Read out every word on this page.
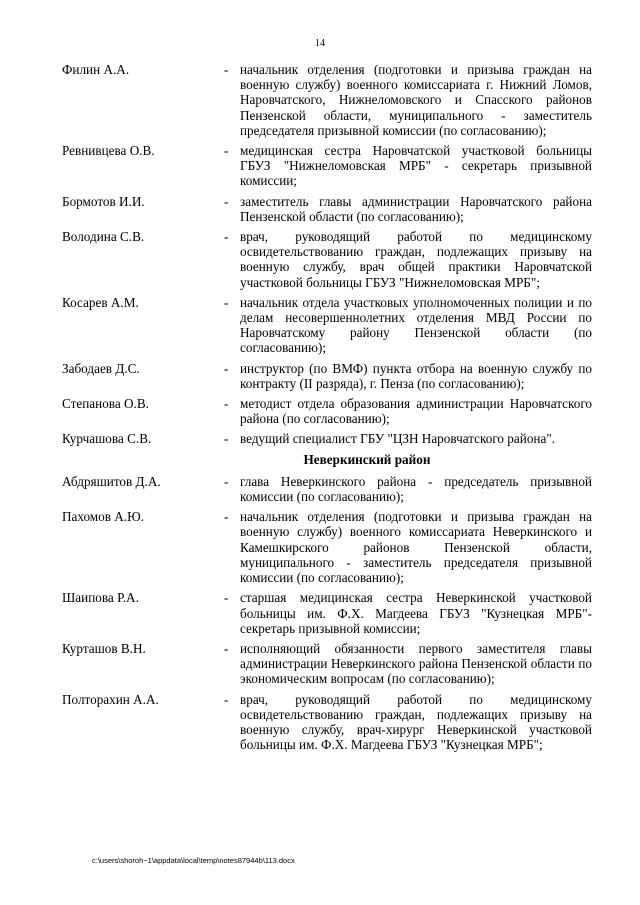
14
Филин А.А.	- начальник отделения (подготовки и призыва граждан на военную службу) военного комиссариата г. Нижний Ломов, Наровчатского, Нижнеломовского и Спасского районов Пензенской области, муниципального - заместитель председателя призывной комиссии (по согласованию);
Ревнивцева О.В.	- медицинская сестра Наровчатской участковой больницы ГБУЗ "Нижнеломовская МРБ" - секретарь призывной комиссии;
Бормотов И.И.	- заместитель главы администрации Наровчатского района Пензенской области (по согласованию);
Володина С.В.	- врач, руководящий работой по медицинскому освидетельствованию граждан, подлежащих призыву на военную службу, врач общей практики Наровчатской участковой больницы ГБУЗ "Нижнеломовская МРБ";
Косарев А.М.	- начальник отдела участковых уполномоченных полиции и по делам несовершеннолетних отделения МВД России по Наровчатскому району Пензенской области (по согласованию);
Забодаев Д.С.	- инструктор (по ВМФ) пункта отбора на военную службу по контракту (II разряда), г. Пенза (по согласованию);
Степанова О.В.	- методист отдела образования администрации Наровчатского района (по согласованию);
Курчашова С.В.	- ведущий специалист ГБУ "ЦЗН Наровчатского района".
Неверкинский район
Абдряшитов Д.А.	- глава Неверкинского района - председатель призывной комиссии (по согласованию);
Пахомов А.Ю.	- начальник отделения (подготовки и призыва граждан на военную службу) военного комиссариата Неверкинского и Камешкирского районов Пензенской области, муниципального - заместитель председателя призывной комиссии (по согласованию);
Шаипова Р.А.	- старшая медицинская сестра Неверкинской участковой больницы им. Ф.Х. Магдеева ГБУЗ "Кузнецкая МРБ"- секретарь призывной комиссии;
Курташов В.Н.	- исполняющий обязанности первого заместителя главы администрации Неверкинского района Пензенской области по экономическим вопросам (по согласованию);
Полторахин А.А.	- врач, руководящий работой по медицинскому освидетельствованию граждан, подлежащих призыву на военную службу, врач-хирург Неверкинской участковой больницы им. Ф.Х. Магдеева ГБУЗ "Кузнецкая МРБ";
c:\users\shoroh~1\appdata\local\temp\notes87944b\113.docx
